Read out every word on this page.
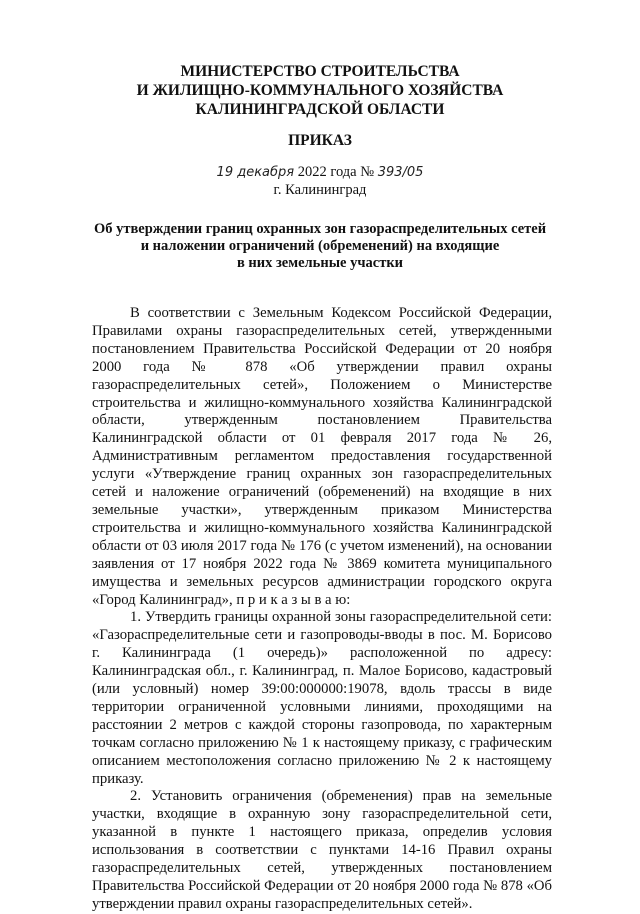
МИНИСТЕРСТВО СТРОИТЕЛЬСТВА
И ЖИЛИЩНО-КОММУНАЛЬНОГО ХОЗЯЙСТВА
КАЛИНИНГРАДСКОЙ ОБЛАСТИ
ПРИКАЗ
19 декабря 2022 года № 393/05
г. Калининград
Об утверждении границ охранных зон газораспределительных сетей
и наложении ограничений (обременений) на входящие
в них земельные участки

В соответствии с Земельным Кодексом Российской Федерации, Правилами охраны газораспределительных сетей, утвержденными постановлением Правительства Российской Федерации от 20 ноября 2000 года № 878 «Об утверждении правил охраны газораспределительных сетей», Положением о Министерстве строительства и жилищно-коммунального хозяйства Калининградской области, утвержденным постановлением Правительства Калининградской области от 01 февраля 2017 года № 26, Административным регламентом предоставления государственной услуги «Утверждение границ охранных зон газораспределительных сетей и наложение ограничений (обременений) на входящие в них земельные участки», утвержденным приказом Министерства строительства и жилищно-коммунального хозяйства Калининградской области от 03 июля 2017 года № 176 (с учетом изменений), на основании заявления от 17 ноября 2022 года № 3869 комитета муниципального имущества и земельных ресурсов администрации городского округа «Город Калининград», п р и к а з ы в а ю:

1. Утвердить границы охранной зоны газораспределительной сети: «Газораспределительные сети и газопроводы-вводы в пос. М. Борисово г. Калининграда (1 очередь)» расположенной по адресу: Калининградская обл., г. Калининград, п. Малое Борисово, кадастровый (или условный) номер 39:00:000000:19078, вдоль трассы в виде территории ограниченной условными линиями, проходящими на расстоянии 2 метров с каждой стороны газопровода, по характерным точкам согласно приложению № 1 к настоящему приказу, с графическим описанием местоположения согласно приложению № 2 к настоящему приказу.

2. Установить ограничения (обременения) прав на земельные участки, входящие в охранную зону газораспределительной сети, указанной в пункте 1 настоящего приказа, определив условия использования в соответствии с пунктами 14-16 Правил охраны газораспределительных сетей, утвержденных постановлением Правительства Российской Федерации от 20 ноября 2000 года № 878 «Об утверждении правил охраны газораспределительных сетей».
